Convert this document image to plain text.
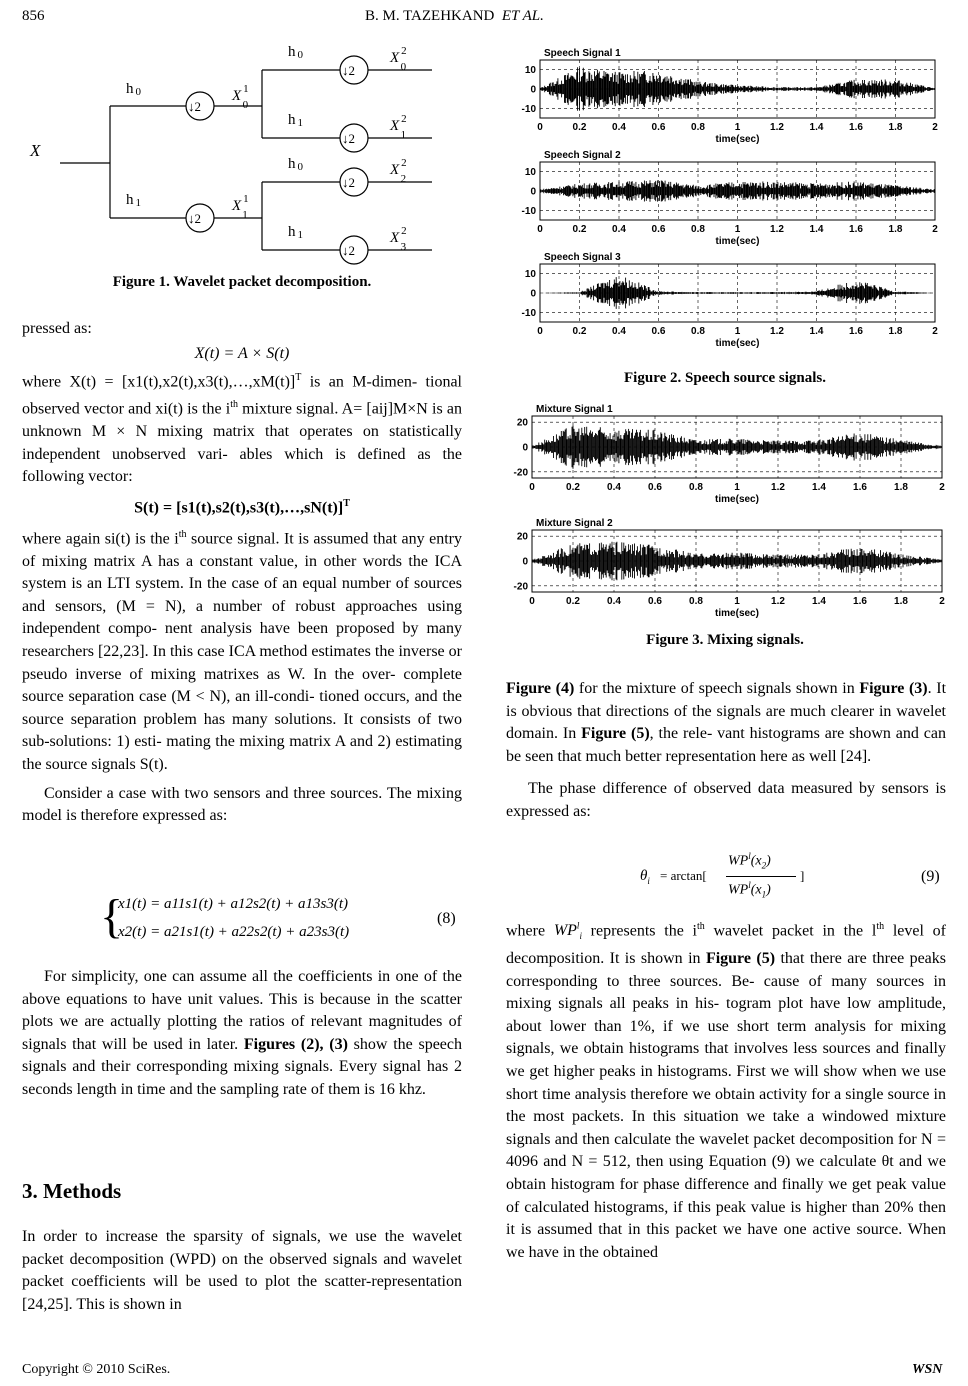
856	B. M. TAZEHKAND ET AL.
X
h 0
h 1
↓2
↓2
X $^1$ 0
X $^1$ 1
h 0
h 1
h 0
h 1
↓2
↓2
↓2
↓2
X $^2$ 0
X $^2$ 1
X $^2$ 2
X $^2$ 3
Figure 1. Wavelet packet decomposition.

pressed as:

X(t) = A × S(t)

where X(t) = [x1(t),x2(t),x3(t),…,xM(t)]$^T$ is an M-dimen- tional observed vector and xi(t) is the $i^{th}$ mixture signal. A= [aij]M×N is an unknown M × N mixing matrix that operates on statistically independent unobserved vari- ables which is defined as the following vector:

S(t) = [s1(t),s2(t),s3(t),…,sN(t)]$^T$

where again si(t) is the $i^{th}$ source signal. It is assumed that any entry of mixing matrix A has a constant value, in other words the ICA system is an LTI system. In the case of an equal number of sources and sensors, (M = N), a number of robust approaches using independent compo- nent analysis have been proposed by many researchers [22,23]. In this case ICA method estimates the inverse or pseudo inverse of mixing matrixes as W. In the over- complete source separation case (M < N), an ill-condi- tioned occurs, and the source separation problem has many solutions. It consists of two sub-solutions: 1) esti- mating the mixing matrix A and 2) estimating the source signals S(t).

Consider a case with two sensors and three sources. The mixing model is therefore expressed as:

{
x1(t) = a11s1(t) + a12s2(t) + a13s3(t)
x2(t) = a21s1(t) + a22s2(t) + a23s3(t)
(8)

For simplicity, one can assume all the coefficients in one of the above equations to have unit values. This is because in the scatter plots we are actually plotting the ratios of relevant magnitudes of signals that will be used in later. Figures (2), (3) show the speech signals and their corresponding mixing signals. Every signal has 2 seconds length in time and the sampling rate of them is 16 khz.

3. Methods

In order to increase the sparsity of signals, we use the wavelet packet decomposition (WPD) on the observed signals and wavelet packet coefficients will be used to plot the scatter-representation [24,25]. This is shown in

Speech Signal 1
0	0.2	0.4	0.6	0.8	1	1.2	1.4	1.6	1.8	2
10
0
-10
time(sec)
Speech Signal 2
0	0.2	0.4	0.6	0.8	1	1.2	1.4	1.6	1.8	2
10
0
-10
time(sec)
Speech Signal 3
0	0.2	0.4	0.6	0.8	1	1.2	1.4	1.6	1.8	2
10
0
-10
time(sec)
Figure 2. Speech source signals.
Mixture Signal 1
0	0.2	0.4	0.6	0.8	1	1.2	1.4	1.6	1.8	2
20
0
-20
time(sec)
Mixture Signal 2
0	0.2	0.4	0.6	0.8	1	1.2	1.4	1.6	1.8	2
20
0
-20
time(sec)
Figure 3. Mixing signals.

Figure (4) for the mixture of speech signals shown in Figure (3). It is obvious that directions of the signals are much clearer in wavelet domain. In Figure (5), the rele- vant histograms are shown and can be seen that much better representation here as well [24].

The phase difference of observed data measured by sensors is expressed as:

$\theta_i = \arctan$[
$WP^l(x_2)$
$WP^l(x_1)$
]	(9)

where $WP^l_i$ represents the $i^{th}$ wavelet packet in the $l^{th}$ level of decomposition. It is shown in Figure (5) that there are three peaks corresponding to three sources. Be- cause of many sources in mixing signals all peaks in his- togram plot have low amplitude, about lower than 1%, if we use short term analysis for mixing signals, we obtain histograms that involves less sources and finally we get higher peaks in histograms. First we will show when we use short time analysis therefore we obtain activity for a single source in the most packets. In this situation we take a windowed mixture signals and then calculate the wavelet packet decomposition for N = 4096 and N = 512, then using Equation (9) we calculate θt and we obtain histogram for phase difference and finally we get peak value of calculated histograms, if this peak value is higher than 20% then it is assumed that in this packet we have one active source. When we have in the obtained

Copyright © 2010 SciRes.	WSN
